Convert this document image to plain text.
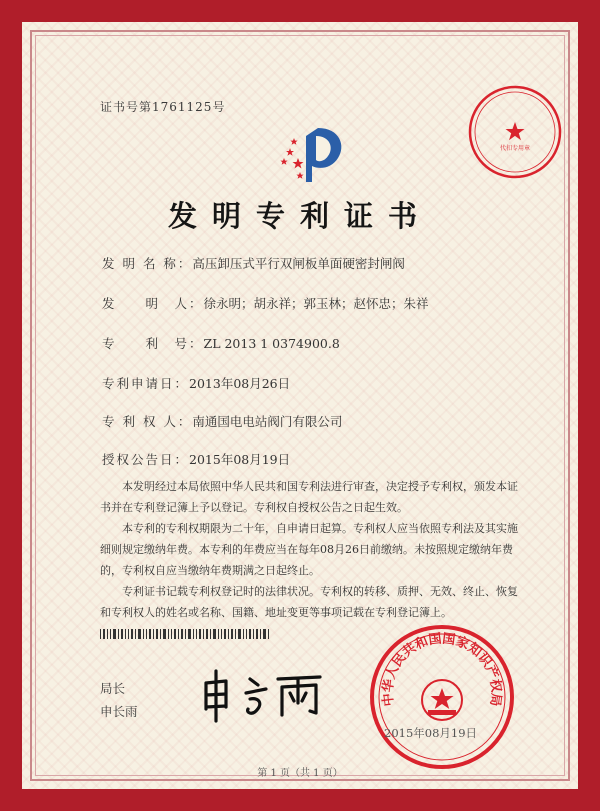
证书号第1761125号
代扣专用章
发明专利证书
发 明 名 称：高压卸压式平行双闸板单面硬密封闸阀
发　　明　人：徐永明；胡永祥；郭玉林；赵怀忠；朱祥
专　　利　号：ZL 2013 1 0374900.8
专利申请日：2013年08月26日
专 利 权 人：南通国电电站阀门有限公司
授权公告日：2015年08月19日
本发明经过本局依照中华人民共和国专利法进行审查，决定授予专利权，颁发本证书并在专利登记簿上予以登记。专利权自授权公告之日起生效。
本专利的专利权期限为二十年，自申请日起算。专利权人应当依照专利法及其实施细则规定缴纳年费。本专利的年费应当在每年08月26日前缴纳。未按照规定缴纳年费的，专利权自应当缴纳年费期满之日起终止。
专利证书记载专利权登记时的法律状况。专利权的转移、质押、无效、终止、恢复和专利权人的姓名或名称、国籍、地址变更等事项记载在专利登记簿上。
局长
申长雨
中华人民共和国国家知识产权局
2015年08月19日
第 1 页（共 1 页）
